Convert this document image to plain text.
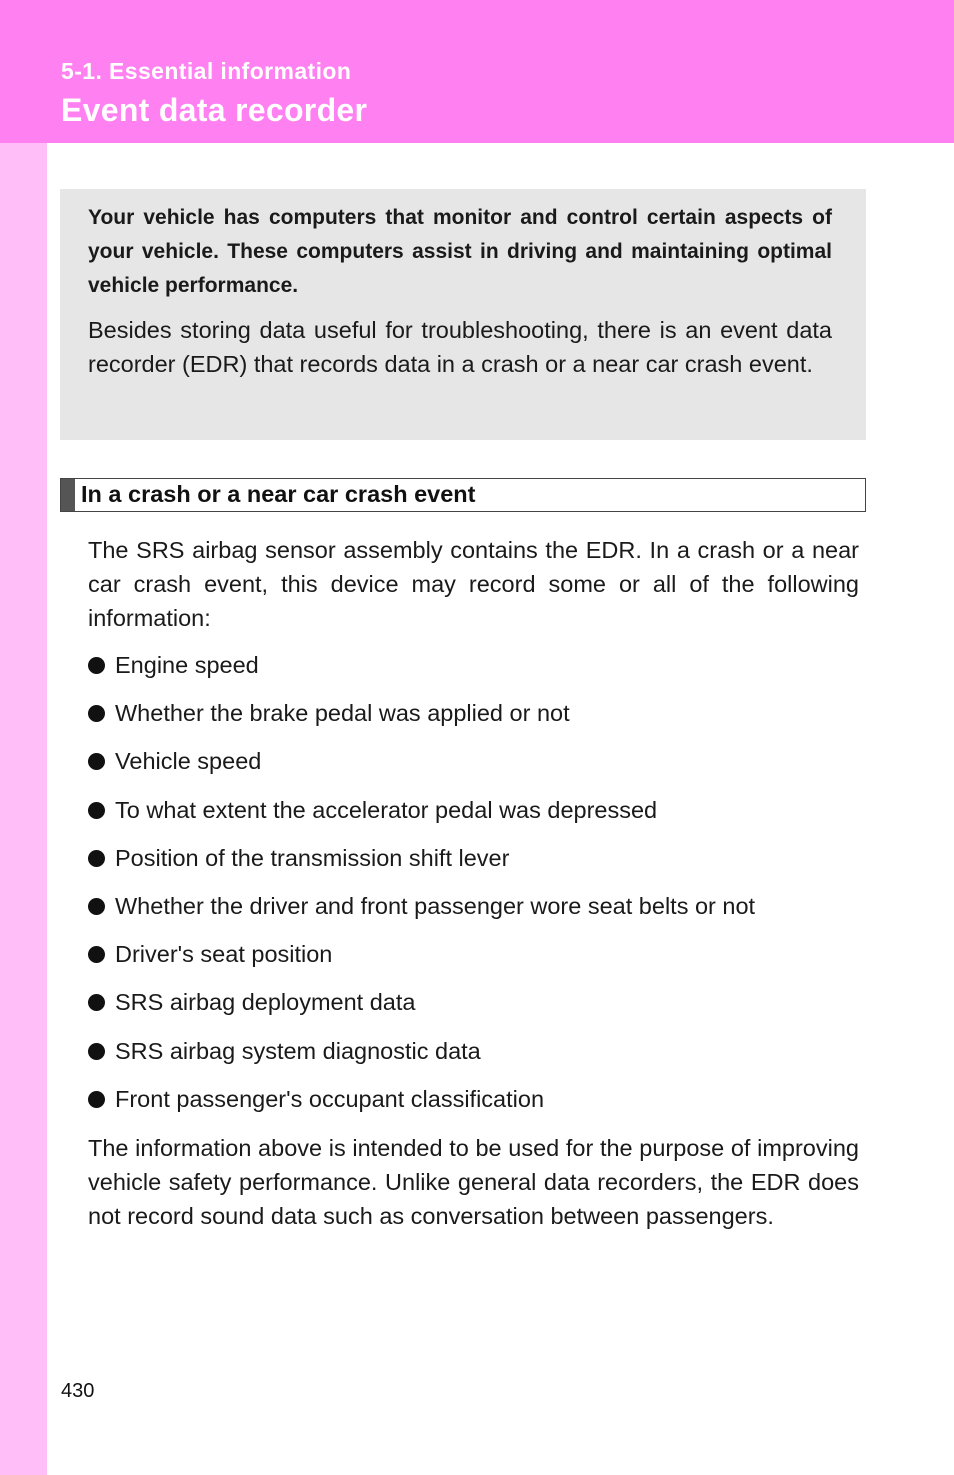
5-1. Essential information
Event data recorder

Your vehicle has computers that monitor and control certain aspects of your vehicle. These computers assist in driving and maintaining optimal vehicle performance.

Besides storing data useful for troubleshooting, there is an event data recorder (EDR) that records data in a crash or a near car crash event.

In a crash or a near car crash event

The SRS airbag sensor assembly contains the EDR. In a crash or a near car crash event, this device may record some or all of the following information:

Engine speed
Whether the brake pedal was applied or not
Vehicle speed
To what extent the accelerator pedal was depressed
Position of the transmission shift lever
Whether the driver and front passenger wore seat belts or not
Driver's seat position
SRS airbag deployment data
SRS airbag system diagnostic data
Front passenger's occupant classification

The information above is intended to be used for the purpose of improving vehicle safety performance. Unlike general data recorders, the EDR does not record sound data such as conversation between passengers.

430
